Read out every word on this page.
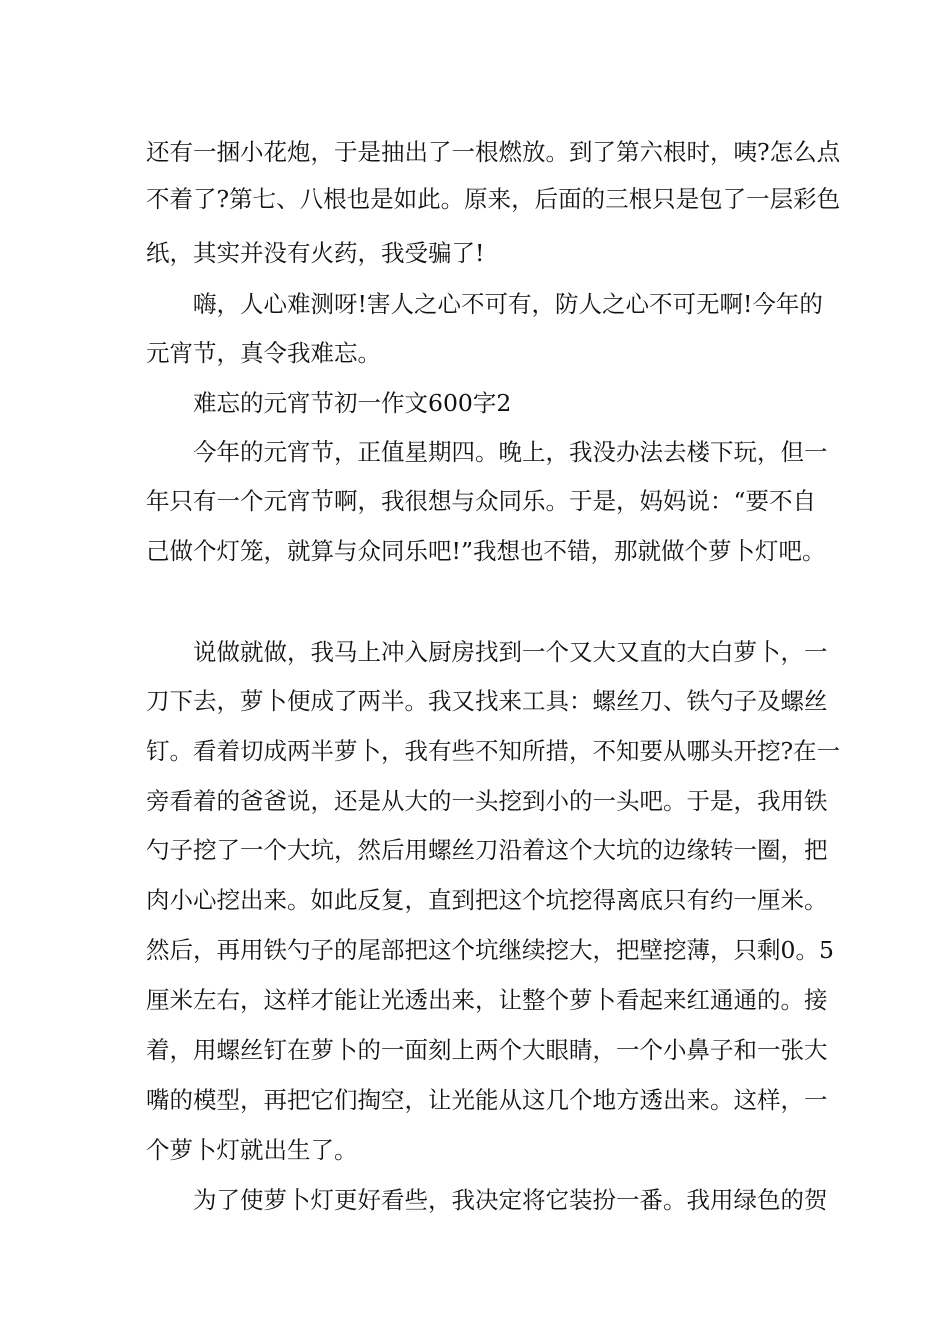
还有一捆小花炮，于是抽出了一根燃放。到了第六根时，咦?怎么点
不着了?第七、八根也是如此。原来，后面的三根只是包了一层彩色
纸，其实并没有火药，我受骗了!
嗨，人心难测呀!害人之心不可有，防人之心不可无啊!今年的
元宵节，真令我难忘。
难忘的元宵节初一作文600字2
今年的元宵节，正值星期四。晚上，我没办法去楼下玩，但一
年只有一个元宵节啊，我很想与众同乐。于是，妈妈说：“要不自
己做个灯笼，就算与众同乐吧!”我想也不错，那就做个萝卜灯吧。
说做就做，我马上冲入厨房找到一个又大又直的大白萝卜，一
刀下去，萝卜便成了两半。我又找来工具：螺丝刀、铁勺子及螺丝
钉。看着切成两半萝卜，我有些不知所措，不知要从哪头开挖?在一
旁看着的爸爸说，还是从大的一头挖到小的一头吧。于是，我用铁
勺子挖了一个大坑，然后用螺丝刀沿着这个大坑的边缘转一圈，把
肉小心挖出来。如此反复，直到把这个坑挖得离底只有约一厘米。
然后，再用铁勺子的尾部把这个坑继续挖大，把壁挖薄，只剩0。5
厘米左右，这样才能让光透出来，让整个萝卜看起来红通通的。接
着，用螺丝钉在萝卜的一面刻上两个大眼睛，一个小鼻子和一张大
嘴的模型，再把它们掏空，让光能从这几个地方透出来。这样，一
个萝卜灯就出生了。
为了使萝卜灯更好看些，我决定将它装扮一番。我用绿色的贺
